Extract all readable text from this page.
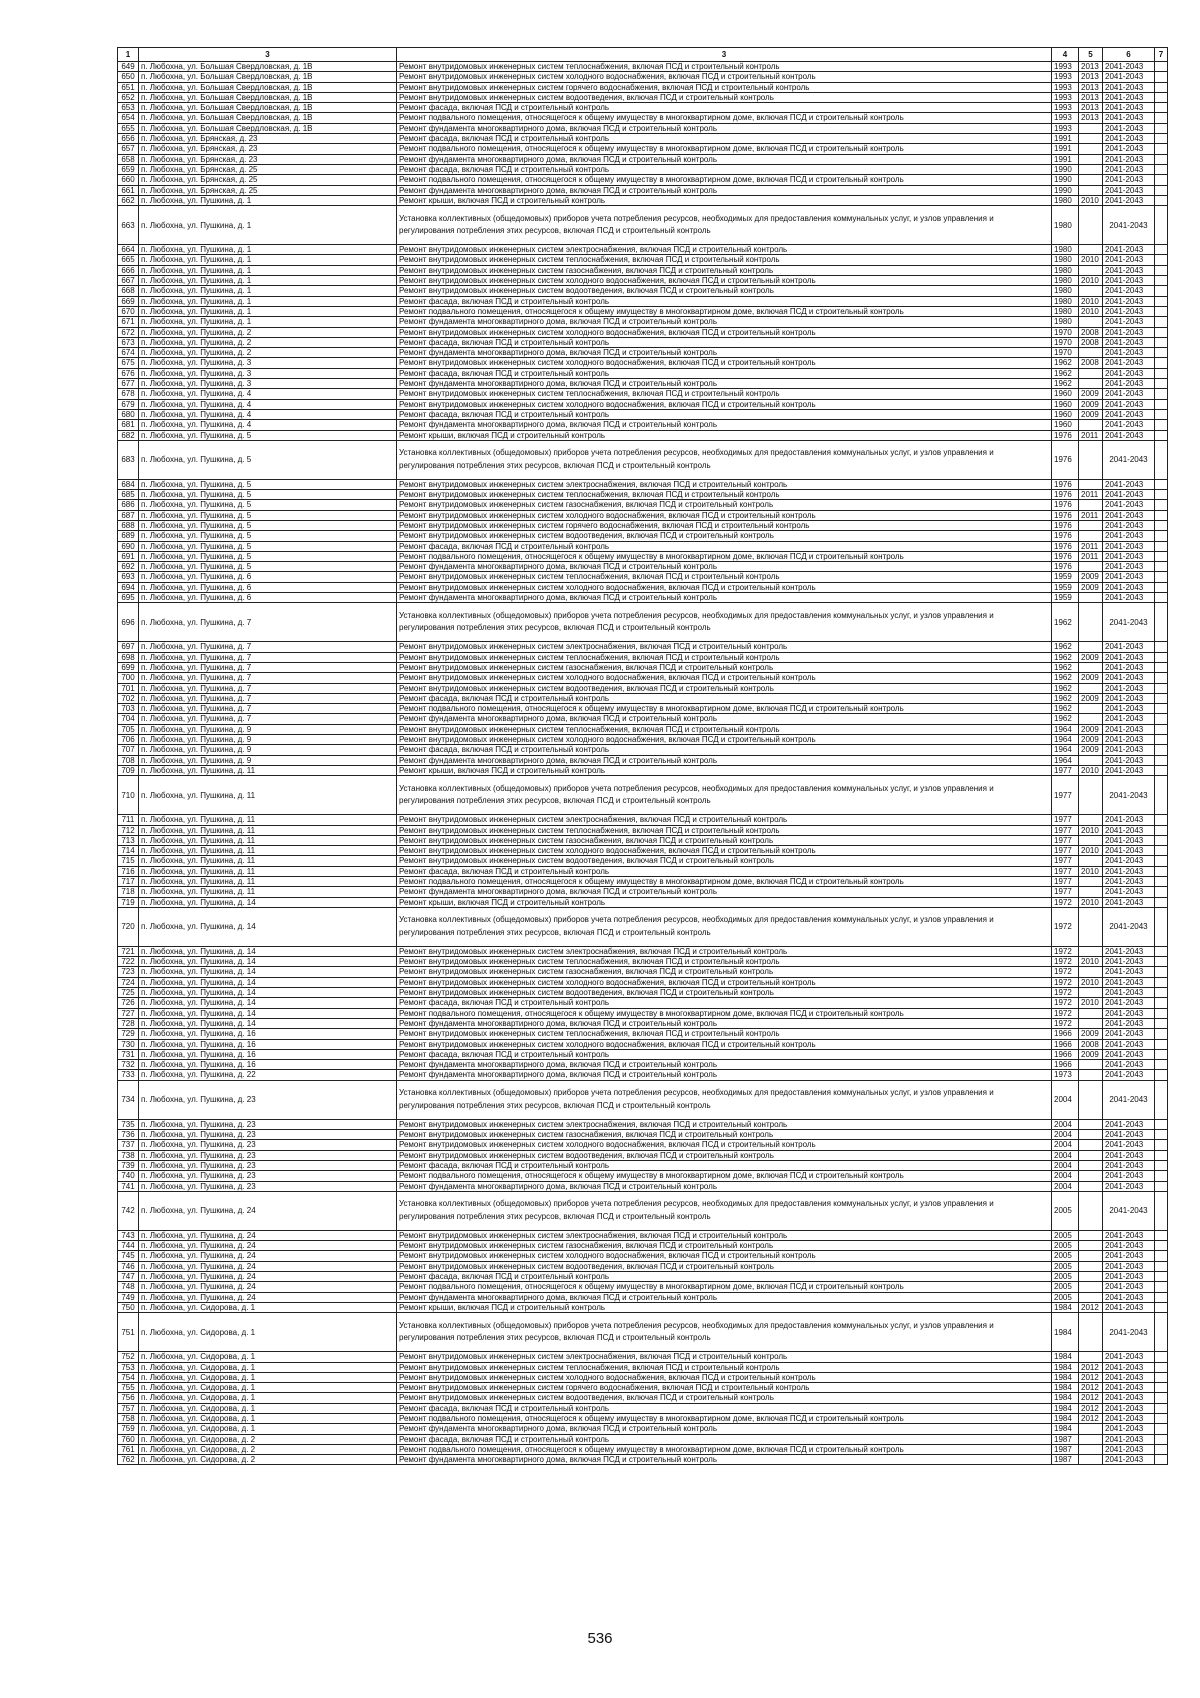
1	3	3	4	5	6	7
649	п. Любохна, ул. Большая Свердловская, д. 1В	Ремонт внутридомовых инженерных систем теплоснабжения, включая ПСД и строительный контроль	1993	2013	2041-2043	
650	п. Любохна, ул. Большая Свердловская, д. 1В	Ремонт внутридомовых инженерных систем холодного водоснабжения, включая ПСД и строительный контроль	1993	2013	2041-2043	
651	п. Любохна, ул. Большая Свердловская, д. 1В	Ремонт внутридомовых инженерных систем горячего водоснабжения, включая ПСД и строительный контроль	1993	2013	2041-2043	
652	п. Любохна, ул. Большая Свердловская, д. 1В	Ремонт внутридомовых инженерных систем водоотведения, включая ПСД и строительный контроль	1993	2013	2041-2043	
653	п. Любохна, ул. Большая Свердловская, д. 1В	Ремонт фасада, включая ПСД и строительный контроль	1993	2013	2041-2043	
654	п. Любохна, ул. Большая Свердловская, д. 1В	Ремонт подвального помещения, относящегося к общему имуществу в многоквартирном доме, включая ПСД и строительный контроль	1993	2013	2041-2043	
655	п. Любохна, ул. Большая Свердловская, д. 1В	Ремонт фундамента многоквартирного дома, включая ПСД и строительный контроль	1993		2041-2043	
656	п. Любохна, ул. Брянская, д. 23	Ремонт фасада, включая ПСД и строительный контроль	1991		2041-2043	
657	п. Любохна, ул. Брянская, д. 23	Ремонт подвального помещения, относящегося к общему имуществу в многоквартирном доме, включая ПСД и строительный контроль	1991		2041-2043	
658	п. Любохна, ул. Брянская, д. 23	Ремонт фундамента многоквартирного дома, включая ПСД и строительный контроль	1991		2041-2043	
659	п. Любохна, ул. Брянская, д. 25	Ремонт фасада, включая ПСД и строительный контроль	1990		2041-2043	
660	п. Любохна, ул. Брянская, д. 25	Ремонт подвального помещения, относящегося к общему имуществу в многоквартирном доме, включая ПСД и строительный контроль	1990		2041-2043	
661	п. Любохна, ул. Брянская, д. 25	Ремонт фундамента многоквартирного дома, включая ПСД и строительный контроль	1990		2041-2043	
662	п. Любохна, ул. Пушкина, д. 1	Ремонт крыши, включая ПСД и строительный контроль	1980	2010	2041-2043	
663	п. Любохна, ул. Пушкина, д. 1	Установка коллективных (общедомовых) приборов учета потребления ресурсов, необходимых для предоставления коммунальных услуг, и узлов управления и регулирования потребления этих ресурсов, включая ПСД и строительный контроль	1980		2041-2043	
664	п. Любохна, ул. Пушкина, д. 1	Ремонт внутридомовых инженерных систем электроснабжения, включая ПСД и строительный контроль	1980		2041-2043	
665	п. Любохна, ул. Пушкина, д. 1	Ремонт внутридомовых инженерных систем теплоснабжения, включая ПСД и строительный контроль	1980	2010	2041-2043	
666	п. Любохна, ул. Пушкина, д. 1	Ремонт внутридомовых инженерных систем газоснабжения, включая ПСД и строительный контроль	1980		2041-2043	
667	п. Любохна, ул. Пушкина, д. 1	Ремонт внутридомовых инженерных систем холодного водоснабжения, включая ПСД и строительный контроль	1980	2010	2041-2043	
668	п. Любохна, ул. Пушкина, д. 1	Ремонт внутридомовых инженерных систем водоотведения, включая ПСД и строительный контроль	1980		2041-2043	
669	п. Любохна, ул. Пушкина, д. 1	Ремонт фасада, включая ПСД и строительный контроль	1980	2010	2041-2043	
670	п. Любохна, ул. Пушкина, д. 1	Ремонт подвального помещения, относящегося к общему имуществу в многоквартирном доме, включая ПСД и строительный контроль	1980	2010	2041-2043	
671	п. Любохна, ул. Пушкина, д. 1	Ремонт фундамента многоквартирного дома, включая ПСД и строительный контроль	1980		2041-2043	
672	п. Любохна, ул. Пушкина, д. 2	Ремонт внутридомовых инженерных систем холодного водоснабжения, включая ПСД и строительный контроль	1970	2008	2041-2043	
673	п. Любохна, ул. Пушкина, д. 2	Ремонт фасада, включая ПСД и строительный контроль	1970	2008	2041-2043	
674	п. Любохна, ул. Пушкина, д. 2	Ремонт фундамента многоквартирного дома, включая ПСД и строительный контроль	1970		2041-2043	
675	п. Любохна, ул. Пушкина, д. 3	Ремонт внутридомовых инженерных систем холодного водоснабжения, включая ПСД и строительный контроль	1962	2008	2041-2043	
676	п. Любохна, ул. Пушкина, д. 3	Ремонт фасада, включая ПСД и строительный контроль	1962		2041-2043	
677	п. Любохна, ул. Пушкина, д. 3	Ремонт фундамента многоквартирного дома, включая ПСД и строительный контроль	1962		2041-2043	
678	п. Любохна, ул. Пушкина, д. 4	Ремонт внутридомовых инженерных систем теплоснабжения, включая ПСД и строительный контроль	1960	2009	2041-2043	
679	п. Любохна, ул. Пушкина, д. 4	Ремонт внутридомовых инженерных систем холодного водоснабжения, включая ПСД и строительный контроль	1960	2009	2041-2043	
680	п. Любохна, ул. Пушкина, д. 4	Ремонт фасада, включая ПСД и строительный контроль	1960	2009	2041-2043	
681	п. Любохна, ул. Пушкина, д. 4	Ремонт фундамента многоквартирного дома, включая ПСД и строительный контроль	1960		2041-2043	
682	п. Любохна, ул. Пушкина, д. 5	Ремонт крыши, включая ПСД и строительный контроль	1976	2011	2041-2043	
683	п. Любохна, ул. Пушкина, д. 5	Установка коллективных (общедомовых) приборов учета потребления ресурсов, необходимых для предоставления коммунальных услуг, и узлов управления и регулирования потребления этих ресурсов, включая ПСД и строительный контроль	1976		2041-2043	
684	п. Любохна, ул. Пушкина, д. 5	Ремонт внутридомовых инженерных систем электроснабжения, включая ПСД и строительный контроль	1976		2041-2043	
685	п. Любохна, ул. Пушкина, д. 5	Ремонт внутридомовых инженерных систем теплоснабжения, включая ПСД и строительный контроль	1976	2011	2041-2043	
686	п. Любохна, ул. Пушкина, д. 5	Ремонт внутридомовых инженерных систем газоснабжения, включая ПСД и строительный контроль	1976		2041-2043	
687	п. Любохна, ул. Пушкина, д. 5	Ремонт внутридомовых инженерных систем холодного водоснабжения, включая ПСД и строительный контроль	1976	2011	2041-2043	
688	п. Любохна, ул. Пушкина, д. 5	Ремонт внутридомовых инженерных систем горячего водоснабжения, включая ПСД и строительный контроль	1976		2041-2043	
689	п. Любохна, ул. Пушкина, д. 5	Ремонт внутридомовых инженерных систем водоотведения, включая ПСД и строительный контроль	1976		2041-2043	
690	п. Любохна, ул. Пушкина, д. 5	Ремонт фасада, включая ПСД и строительный контроль	1976	2011	2041-2043	
691	п. Любохна, ул. Пушкина, д. 5	Ремонт подвального помещения, относящегося к общему имуществу в многоквартирном доме, включая ПСД и строительный контроль	1976	2011	2041-2043	
692	п. Любохна, ул. Пушкина, д. 5	Ремонт фундамента многоквартирного дома, включая ПСД и строительный контроль	1976		2041-2043	
693	п. Любохна, ул. Пушкина, д. 6	Ремонт внутридомовых инженерных систем теплоснабжения, включая ПСД и строительный контроль	1959	2009	2041-2043	
694	п. Любохна, ул. Пушкина, д. 6	Ремонт внутридомовых инженерных систем холодного водоснабжения, включая ПСД и строительный контроль	1959	2009	2041-2043	
695	п. Любохна, ул. Пушкина, д. 6	Ремонт фундамента многоквартирного дома, включая ПСД и строительный контроль	1959		2041-2043	
696	п. Любохна, ул. Пушкина, д. 7	Установка коллективных (общедомовых) приборов учета потребления ресурсов, необходимых для предоставления коммунальных услуг, и узлов управления и регулирования потребления этих ресурсов, включая ПСД и строительный контроль	1962		2041-2043	
697	п. Любохна, ул. Пушкина, д. 7	Ремонт внутридомовых инженерных систем электроснабжения, включая ПСД и строительный контроль	1962		2041-2043	
698	п. Любохна, ул. Пушкина, д. 7	Ремонт внутридомовых инженерных систем теплоснабжения, включая ПСД и строительный контроль	1962	2009	2041-2043	
699	п. Любохна, ул. Пушкина, д. 7	Ремонт внутридомовых инженерных систем газоснабжения, включая ПСД и строительный контроль	1962		2041-2043	
700	п. Любохна, ул. Пушкина, д. 7	Ремонт внутридомовых инженерных систем холодного водоснабжения, включая ПСД и строительный контроль	1962	2009	2041-2043	
701	п. Любохна, ул. Пушкина, д. 7	Ремонт внутридомовых инженерных систем водоотведения, включая ПСД и строительный контроль	1962		2041-2043	
702	п. Любохна, ул. Пушкина, д. 7	Ремонт фасада, включая ПСД и строительный контроль	1962	2009	2041-2043	
703	п. Любохна, ул. Пушкина, д. 7	Ремонт подвального помещения, относящегося к общему имуществу в многоквартирном доме, включая ПСД и строительный контроль	1962		2041-2043	
704	п. Любохна, ул. Пушкина, д. 7	Ремонт фундамента многоквартирного дома, включая ПСД и строительный контроль	1962		2041-2043	
705	п. Любохна, ул. Пушкина, д. 9	Ремонт внутридомовых инженерных систем теплоснабжения, включая ПСД и строительный контроль	1964	2009	2041-2043	
706	п. Любохна, ул. Пушкина, д. 9	Ремонт внутридомовых инженерных систем холодного водоснабжения, включая ПСД и строительный контроль	1964	2009	2041-2043	
707	п. Любохна, ул. Пушкина, д. 9	Ремонт фасада, включая ПСД и строительный контроль	1964	2009	2041-2043	
708	п. Любохна, ул. Пушкина, д. 9	Ремонт фундамента многоквартирного дома, включая ПСД и строительный контроль	1964		2041-2043	
709	п. Любохна, ул. Пушкина, д. 11	Ремонт крыши, включая ПСД и строительный контроль	1977	2010	2041-2043	
710	п. Любохна, ул. Пушкина, д. 11	Установка коллективных (общедомовых) приборов учета потребления ресурсов, необходимых для предоставления коммунальных услуг, и узлов управления и регулирования потребления этих ресурсов, включая ПСД и строительный контроль	1977		2041-2043	
711	п. Любохна, ул. Пушкина, д. 11	Ремонт внутридомовых инженерных систем электроснабжения, включая ПСД и строительный контроль	1977		2041-2043	
712	п. Любохна, ул. Пушкина, д. 11	Ремонт внутридомовых инженерных систем теплоснабжения, включая ПСД и строительный контроль	1977	2010	2041-2043	
713	п. Любохна, ул. Пушкина, д. 11	Ремонт внутридомовых инженерных систем газоснабжения, включая ПСД и строительный контроль	1977		2041-2043	
714	п. Любохна, ул. Пушкина, д. 11	Ремонт внутридомовых инженерных систем холодного водоснабжения, включая ПСД и строительный контроль	1977	2010	2041-2043	
715	п. Любохна, ул. Пушкина, д. 11	Ремонт внутридомовых инженерных систем водоотведения, включая ПСД и строительный контроль	1977		2041-2043	
716	п. Любохна, ул. Пушкина, д. 11	Ремонт фасада, включая ПСД и строительный контроль	1977	2010	2041-2043	
717	п. Любохна, ул. Пушкина, д. 11	Ремонт подвального помещения, относящегося к общему имуществу в многоквартирном доме, включая ПСД и строительный контроль	1977		2041-2043	
718	п. Любохна, ул. Пушкина, д. 11	Ремонт фундамента многоквартирного дома, включая ПСД и строительный контроль	1977		2041-2043	
719	п. Любохна, ул. Пушкина, д. 14	Ремонт крыши, включая ПСД и строительный контроль	1972	2010	2041-2043	
720	п. Любохна, ул. Пушкина, д. 14	Установка коллективных (общедомовых) приборов учета потребления ресурсов, необходимых для предоставления коммунальных услуг, и узлов управления и регулирования потребления этих ресурсов, включая ПСД и строительный контроль	1972		2041-2043	
721	п. Любохна, ул. Пушкина, д. 14	Ремонт внутридомовых инженерных систем электроснабжения, включая ПСД и строительный контроль	1972		2041-2043	
722	п. Любохна, ул. Пушкина, д. 14	Ремонт внутридомовых инженерных систем теплоснабжения, включая ПСД и строительный контроль	1972	2010	2041-2043	
723	п. Любохна, ул. Пушкина, д. 14	Ремонт внутридомовых инженерных систем газоснабжения, включая ПСД и строительный контроль	1972		2041-2043	
724	п. Любохна, ул. Пушкина, д. 14	Ремонт внутридомовых инженерных систем холодного водоснабжения, включая ПСД и строительный контроль	1972	2010	2041-2043	
725	п. Любохна, ул. Пушкина, д. 14	Ремонт внутридомовых инженерных систем водоотведения, включая ПСД и строительный контроль	1972		2041-2043	
726	п. Любохна, ул. Пушкина, д. 14	Ремонт фасада, включая ПСД и строительный контроль	1972	2010	2041-2043	
727	п. Любохна, ул. Пушкина, д. 14	Ремонт подвального помещения, относящегося к общему имуществу в многоквартирном доме, включая ПСД и строительный контроль	1972		2041-2043	
728	п. Любохна, ул. Пушкина, д. 14	Ремонт фундамента многоквартирного дома, включая ПСД и строительный контроль	1972		2041-2043	
729	п. Любохна, ул. Пушкина, д. 16	Ремонт внутридомовых инженерных систем теплоснабжения, включая ПСД и строительный контроль	1966	2009	2041-2043	
730	п. Любохна, ул. Пушкина, д. 16	Ремонт внутридомовых инженерных систем холодного водоснабжения, включая ПСД и строительный контроль	1966	2008	2041-2043	
731	п. Любохна, ул. Пушкина, д. 16	Ремонт фасада, включая ПСД и строительный контроль	1966	2009	2041-2043	
732	п. Любохна, ул. Пушкина, д. 16	Ремонт фундамента многоквартирного дома, включая ПСД и строительный контроль	1966		2041-2043	
733	п. Любохна, ул. Пушкина, д. 22	Ремонт фундамента многоквартирного дома, включая ПСД и строительный контроль	1973		2041-2043	
734	п. Любохна, ул. Пушкина, д. 23	Установка коллективных (общедомовых) приборов учета потребления ресурсов, необходимых для предоставления коммунальных услуг, и узлов управления и регулирования потребления этих ресурсов, включая ПСД и строительный контроль	2004		2041-2043	
735	п. Любохна, ул. Пушкина, д. 23	Ремонт внутридомовых инженерных систем электроснабжения, включая ПСД и строительный контроль	2004		2041-2043	
736	п. Любохна, ул. Пушкина, д. 23	Ремонт внутридомовых инженерных систем газоснабжения, включая ПСД и строительный контроль	2004		2041-2043	
737	п. Любохна, ул. Пушкина, д. 23	Ремонт внутридомовых инженерных систем холодного водоснабжения, включая ПСД и строительный контроль	2004		2041-2043	
738	п. Любохна, ул. Пушкина, д. 23	Ремонт внутридомовых инженерных систем водоотведения, включая ПСД и строительный контроль	2004		2041-2043	
739	п. Любохна, ул. Пушкина, д. 23	Ремонт фасада, включая ПСД и строительный контроль	2004		2041-2043	
740	п. Любохна, ул. Пушкина, д. 23	Ремонт подвального помещения, относящегося к общему имуществу в многоквартирном доме, включая ПСД и строительный контроль	2004		2041-2043	
741	п. Любохна, ул. Пушкина, д. 23	Ремонт фундамента многоквартирного дома, включая ПСД и строительный контроль	2004		2041-2043	
742	п. Любохна, ул. Пушкина, д. 24	Установка коллективных (общедомовых) приборов учета потребления ресурсов, необходимых для предоставления коммунальных услуг, и узлов управления и регулирования потребления этих ресурсов, включая ПСД и строительный контроль	2005		2041-2043	
743	п. Любохна, ул. Пушкина, д. 24	Ремонт внутридомовых инженерных систем электроснабжения, включая ПСД и строительный контроль	2005		2041-2043	
744	п. Любохна, ул. Пушкина, д. 24	Ремонт внутридомовых инженерных систем газоснабжения, включая ПСД и строительный контроль	2005		2041-2043	
745	п. Любохна, ул. Пушкина, д. 24	Ремонт внутридомовых инженерных систем холодного водоснабжения, включая ПСД и строительный контроль	2005		2041-2043	
746	п. Любохна, ул. Пушкина, д. 24	Ремонт внутридомовых инженерных систем водоотведения, включая ПСД и строительный контроль	2005		2041-2043	
747	п. Любохна, ул. Пушкина, д. 24	Ремонт фасада, включая ПСД и строительный контроль	2005		2041-2043	
748	п. Любохна, ул. Пушкина, д. 24	Ремонт подвального помещения, относящегося к общему имуществу в многоквартирном доме, включая ПСД и строительный контроль	2005		2041-2043	
749	п. Любохна, ул. Пушкина, д. 24	Ремонт фундамента многоквартирного дома, включая ПСД и строительный контроль	2005		2041-2043	
750	п. Любохна, ул. Сидорова, д. 1	Ремонт крыши, включая ПСД и строительный контроль	1984	2012	2041-2043	
751	п. Любохна, ул. Сидорова, д. 1	Установка коллективных (общедомовых) приборов учета потребления ресурсов, необходимых для предоставления коммунальных услуг, и узлов управления и регулирования потребления этих ресурсов, включая ПСД и строительный контроль	1984		2041-2043	
752	п. Любохна, ул. Сидорова, д. 1	Ремонт внутридомовых инженерных систем электроснабжения, включая ПСД и строительный контроль	1984		2041-2043	
753	п. Любохна, ул. Сидорова, д. 1	Ремонт внутридомовых инженерных систем теплоснабжения, включая ПСД и строительный контроль	1984	2012	2041-2043	
754	п. Любохна, ул. Сидорова, д. 1	Ремонт внутридомовых инженерных систем холодного водоснабжения, включая ПСД и строительный контроль	1984	2012	2041-2043	
755	п. Любохна, ул. Сидорова, д. 1	Ремонт внутридомовых инженерных систем горячего водоснабжения, включая ПСД и строительный контроль	1984	2012	2041-2043	
756	п. Любохна, ул. Сидорова, д. 1	Ремонт внутридомовых инженерных систем водоотведения, включая ПСД и строительный контроль	1984	2012	2041-2043	
757	п. Любохна, ул. Сидорова, д. 1	Ремонт фасада, включая ПСД и строительный контроль	1984	2012	2041-2043	
758	п. Любохна, ул. Сидорова, д. 1	Ремонт подвального помещения, относящегося к общему имуществу в многоквартирном доме, включая ПСД и строительный контроль	1984	2012	2041-2043	
759	п. Любохна, ул. Сидорова, д. 1	Ремонт фундамента многоквартирного дома, включая ПСД и строительный контроль	1984		2041-2043	
760	п. Любохна, ул. Сидорова, д. 2	Ремонт фасада, включая ПСД и строительный контроль	1987		2041-2043	
761	п. Любохна, ул. Сидорова, д. 2	Ремонт подвального помещения, относящегося к общему имуществу в многоквартирном доме, включая ПСД и строительный контроль	1987		2041-2043	
762	п. Любохна, ул. Сидорова, д. 2	Ремонт фундамента многоквартирного дома, включая ПСД и строительный контроль	1987		2041-2043	
536
